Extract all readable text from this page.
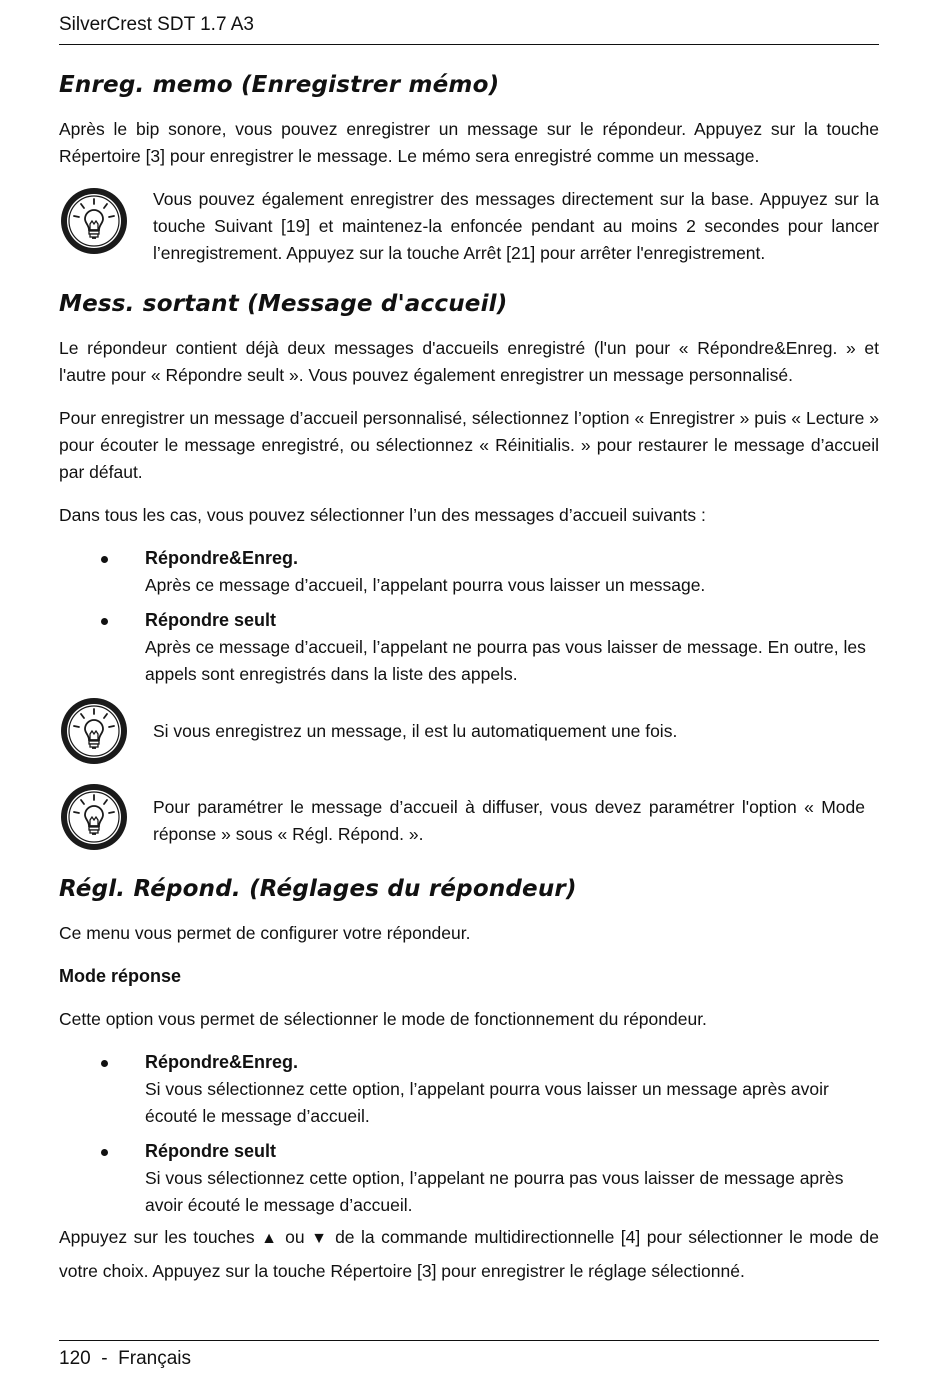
SilverCrest SDT 1.7 A3
Enreg. memo (Enregistrer mémo)

Après le bip sonore, vous pouvez enregistrer un message sur le répondeur. Appuyez sur la touche Répertoire [3] pour enregistrer le message. Le mémo sera enregistré comme un message.

Vous pouvez également enregistrer des messages directement sur la base. Appuyez sur la touche Suivant [19] et maintenez-la enfoncée pendant au moins 2 secondes pour lancer l’enregistrement. Appuyez sur la touche Arrêt [21] pour arrêter l'enregistrement.
Mess. sortant (Message d'accueil)

Le répondeur contient déjà deux messages d'accueils enregistré (l'un pour « Répondre&Enreg. » et l'autre pour « Répondre seult ». Vous pouvez également enregistrer un message personnalisé.

Pour enregistrer un message d’accueil personnalisé, sélectionnez l’option « Enregistrer » puis « Lecture » pour écouter le message enregistré, ou sélectionnez « Réinitialis. » pour restaurer le message d’accueil par défaut.

Dans tous les cas, vous pouvez sélectionner l’un des messages d’accueil suivants :

Répondre&Enreg.
Après ce message d’accueil, l’appelant pourra vous laisser un message.
Répondre seult
Après ce message d’accueil, l’appelant ne pourra pas vous laisser de message. En outre, les appels sont enregistrés dans la liste des appels.
Si vous enregistrez un message, il est lu automatiquement une fois.
Pour paramétrer le message d’accueil à diffuser, vous devez paramétrer l'option « Mode réponse » sous « Régl. Répond. ».
Régl. Répond. (Réglages du répondeur)

Ce menu vous permet de configurer votre répondeur.

Mode réponse

Cette option vous permet de sélectionner le mode de fonctionnement du répondeur.

Répondre&Enreg.
Si vous sélectionnez cette option, l’appelant pourra vous laisser un message après avoir écouté le message d’accueil.
Répondre seult
Si vous sélectionnez cette option, l’appelant ne pourra pas vous laisser de message après avoir écouté le message d’accueil.

Appuyez sur les touches ▲ ou ▼ de la commande multidirectionnelle [4] pour sélectionner le mode de votre choix. Appuyez sur la touche Répertoire [3] pour enregistrer le réglage sélectionné.

120  -  Français
